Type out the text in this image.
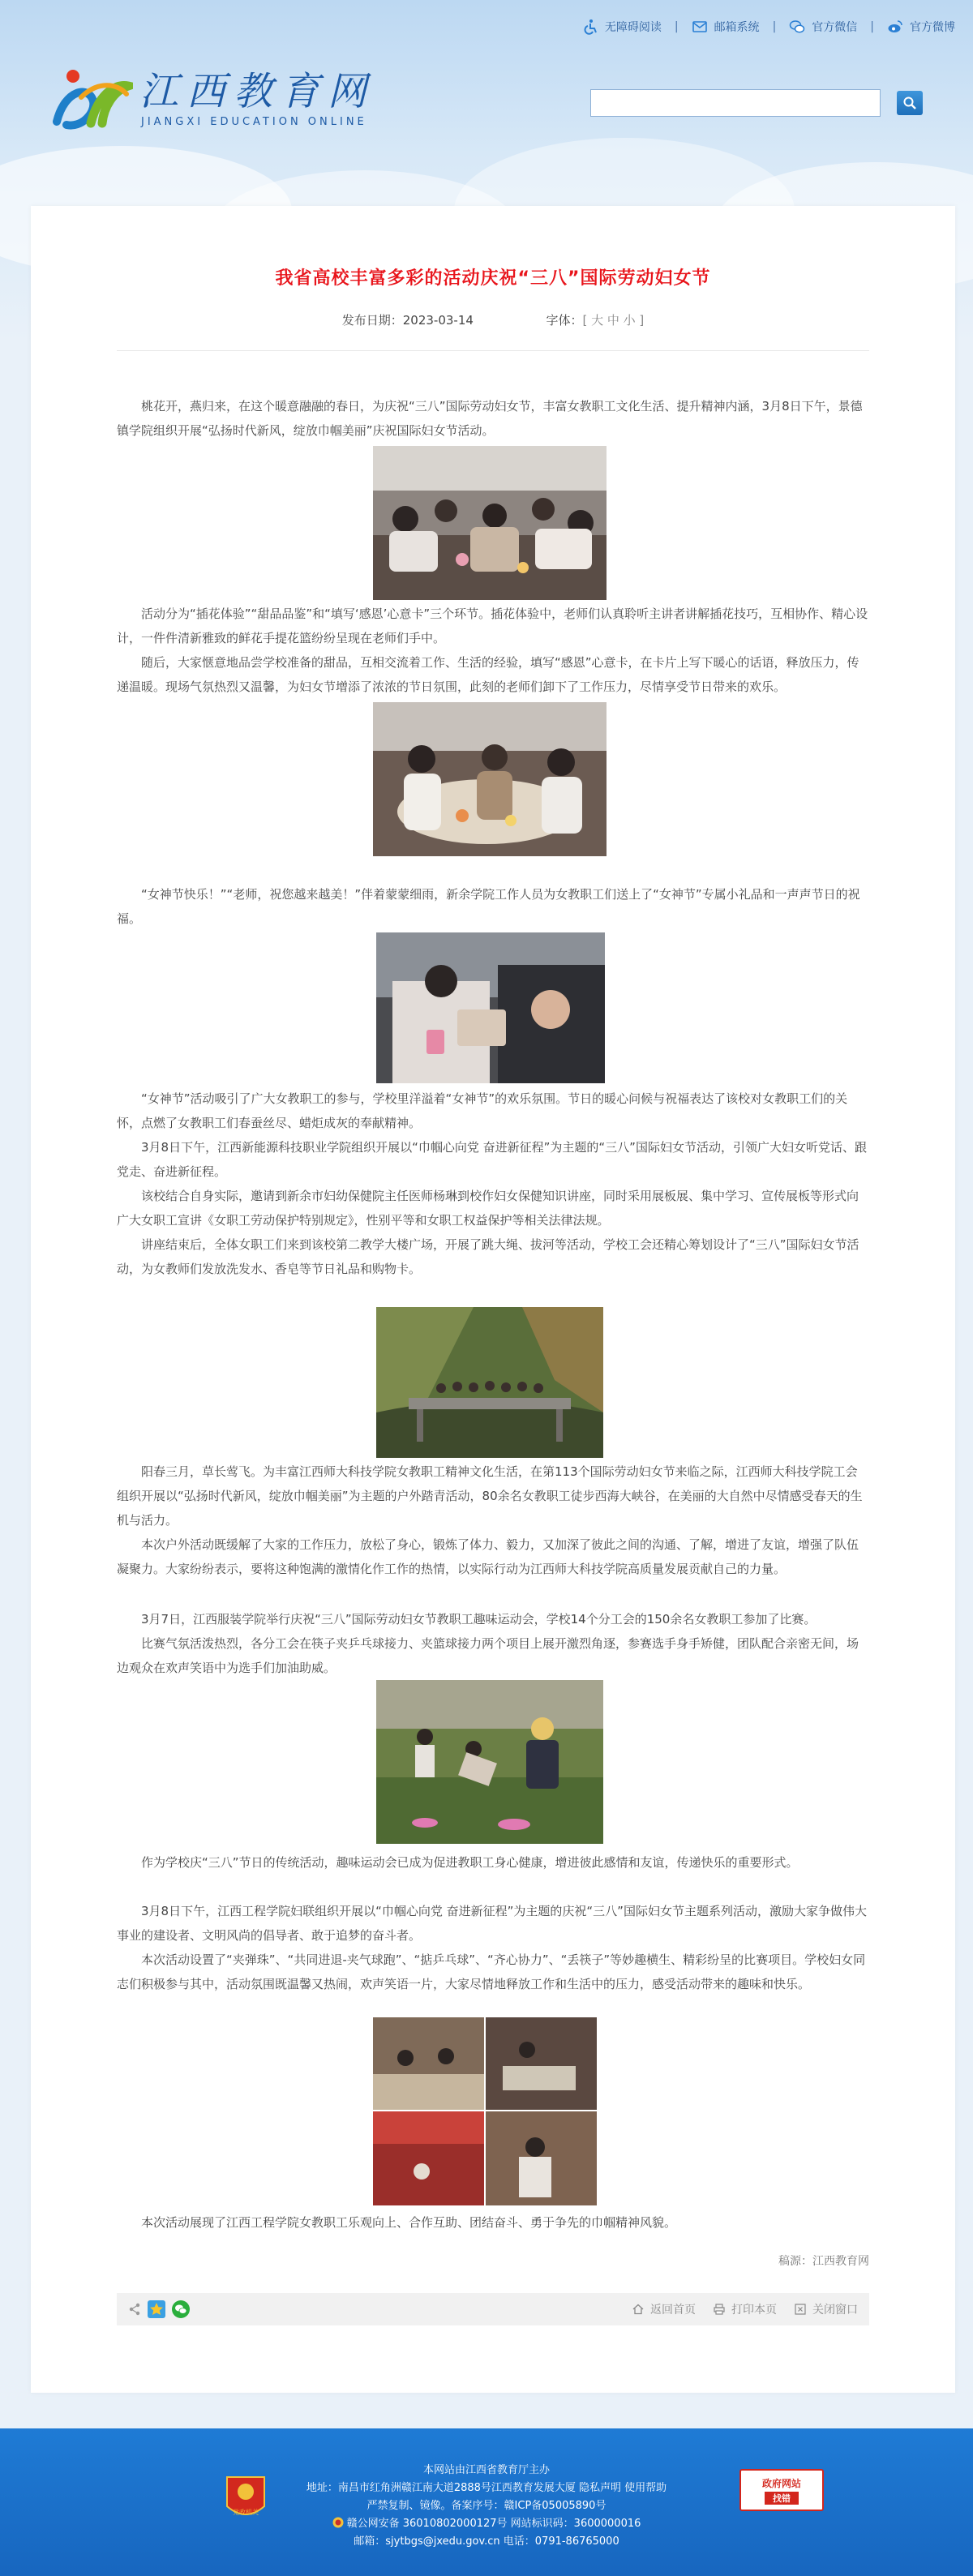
无障碍阅读 |	邮箱系统 |	官方微信 |	官方微博
江西教育网
JIANGXI EDUCATION ONLINE
我省高校丰富多彩的活动庆祝“三八”国际劳动妇女节
发布日期：2023-03-14	字体：[ 大 中 小 ]

桃花开，燕归来，在这个暖意融融的春日，为庆祝“三八”国际劳动妇女节，丰富女教职工文化生活、提升精神内涵，3月8日下午，景德镇学院组织开展“弘扬时代新风，绽放巾帼美丽”庆祝国际妇女节活动。

活动分为“插花体验”“甜品品鉴”和“填写‘感恩’心意卡”三个环节。插花体验中，老师们认真聆听主讲者讲解插花技巧，互相协作、精心设计，一件件清新雅致的鲜花手提花篮纷纷呈现在老师们手中。

随后，大家惬意地品尝学校准备的甜品，互相交流着工作、生活的经验，填写“感恩”心意卡，在卡片上写下暖心的话语，释放压力，传递温暖。现场气氛热烈又温馨，为妇女节增添了浓浓的节日氛围，此刻的老师们卸下了工作压力，尽情享受节日带来的欢乐。

“女神节快乐！”“老师，祝您越来越美！”伴着蒙蒙细雨，新余学院工作人员为女教职工们送上了“女神节”专属小礼品和一声声节日的祝福。

“女神节”活动吸引了广大女教职工的参与，学校里洋溢着“女神节”的欢乐氛围。节日的暖心问候与祝福表达了该校对女教职工们的关怀，点燃了女教职工们春蚕丝尽、蜡炬成灰的奉献精神。

3月8日下午，江西新能源科技职业学院组织开展以“巾帼心向党 奋进新征程”为主题的“三八”国际妇女节活动，引领广大妇女听党话、跟党走、奋进新征程。

该校结合自身实际，邀请到新余市妇幼保健院主任医师杨琳到校作妇女保健知识讲座，同时采用展板展、集中学习、宣传展板等形式向广大女职工宣讲《女职工劳动保护特别规定》，性别平等和女职工权益保护等相关法律法规。

讲座结束后，全体女职工们来到该校第二教学大楼广场，开展了跳大绳、拔河等活动，学校工会还精心筹划设计了“三八”国际妇女节活动，为女教师们发放洗发水、香皂等节日礼品和购物卡。

阳春三月，草长莺飞。为丰富江西师大科技学院女教职工精神文化生活，在第113个国际劳动妇女节来临之际，江西师大科技学院工会组织开展以“弘扬时代新风，绽放巾帼美丽”为主题的户外踏青活动，80余名女教职工徒步西海大峡谷，在美丽的大自然中尽情感受春天的生机与活力。

本次户外活动既缓解了大家的工作压力，放松了身心，锻炼了体力、毅力，又加深了彼此之间的沟通、了解，增进了友谊，增强了队伍凝聚力。大家纷纷表示，要将这种饱满的激情化作工作的热情，以实际行动为江西师大科技学院高质量发展贡献自己的力量。

3月7日，江西服装学院举行庆祝“三八”国际劳动妇女节教职工趣味运动会，学校14个分工会的150余名女教职工参加了比赛。

比赛气氛活泼热烈，各分工会在筷子夹乒乓球接力、夹篮球接力两个项目上展开激烈角逐，参赛选手身手矫健，团队配合亲密无间，场边观众在欢声笑语中为选手们加油助威。

作为学校庆“三八”节日的传统活动，趣味运动会已成为促进教职工身心健康，增进彼此感情和友谊，传递快乐的重要形式。

3月8日下午，江西工程学院妇联组织开展以“巾帼心向党 奋进新征程”为主题的庆祝“三八”国际妇女节主题系列活动，激励大家争做伟大事业的建设者、文明风尚的倡导者、敢于追梦的奋斗者。

本次活动设置了“夹弹珠”、“共同进退-夹气球跑”、“掂乒乓球”、“齐心协力”、“丢筷子”等妙趣横生、精彩纷呈的比赛项目。学校妇女同志们积极参与其中，活动氛围既温馨又热闹，欢声笑语一片，大家尽情地释放工作和生活中的压力，感受活动带来的趣味和快乐。

本次活动展现了江西工程学院女教职工乐观向上、合作互助、团结奋斗、勇于争先的巾帼精神风貌。

稿源：江西教育网
返回首页	打印本页	关闭窗口
本网站由江西省教育厅主办
地址：南昌市红角洲赣江南大道2888号江西教育发展大厦 隐私声明 使用帮助
严禁复制、镜像。备案序号：赣ICP备05005890号
赣公网安备 36010802000127号 网站标识码：3600000016
邮箱：sjytbgs@jxedu.gov.cn 电话：0791-86765000
党政机关
政府网站
找错
